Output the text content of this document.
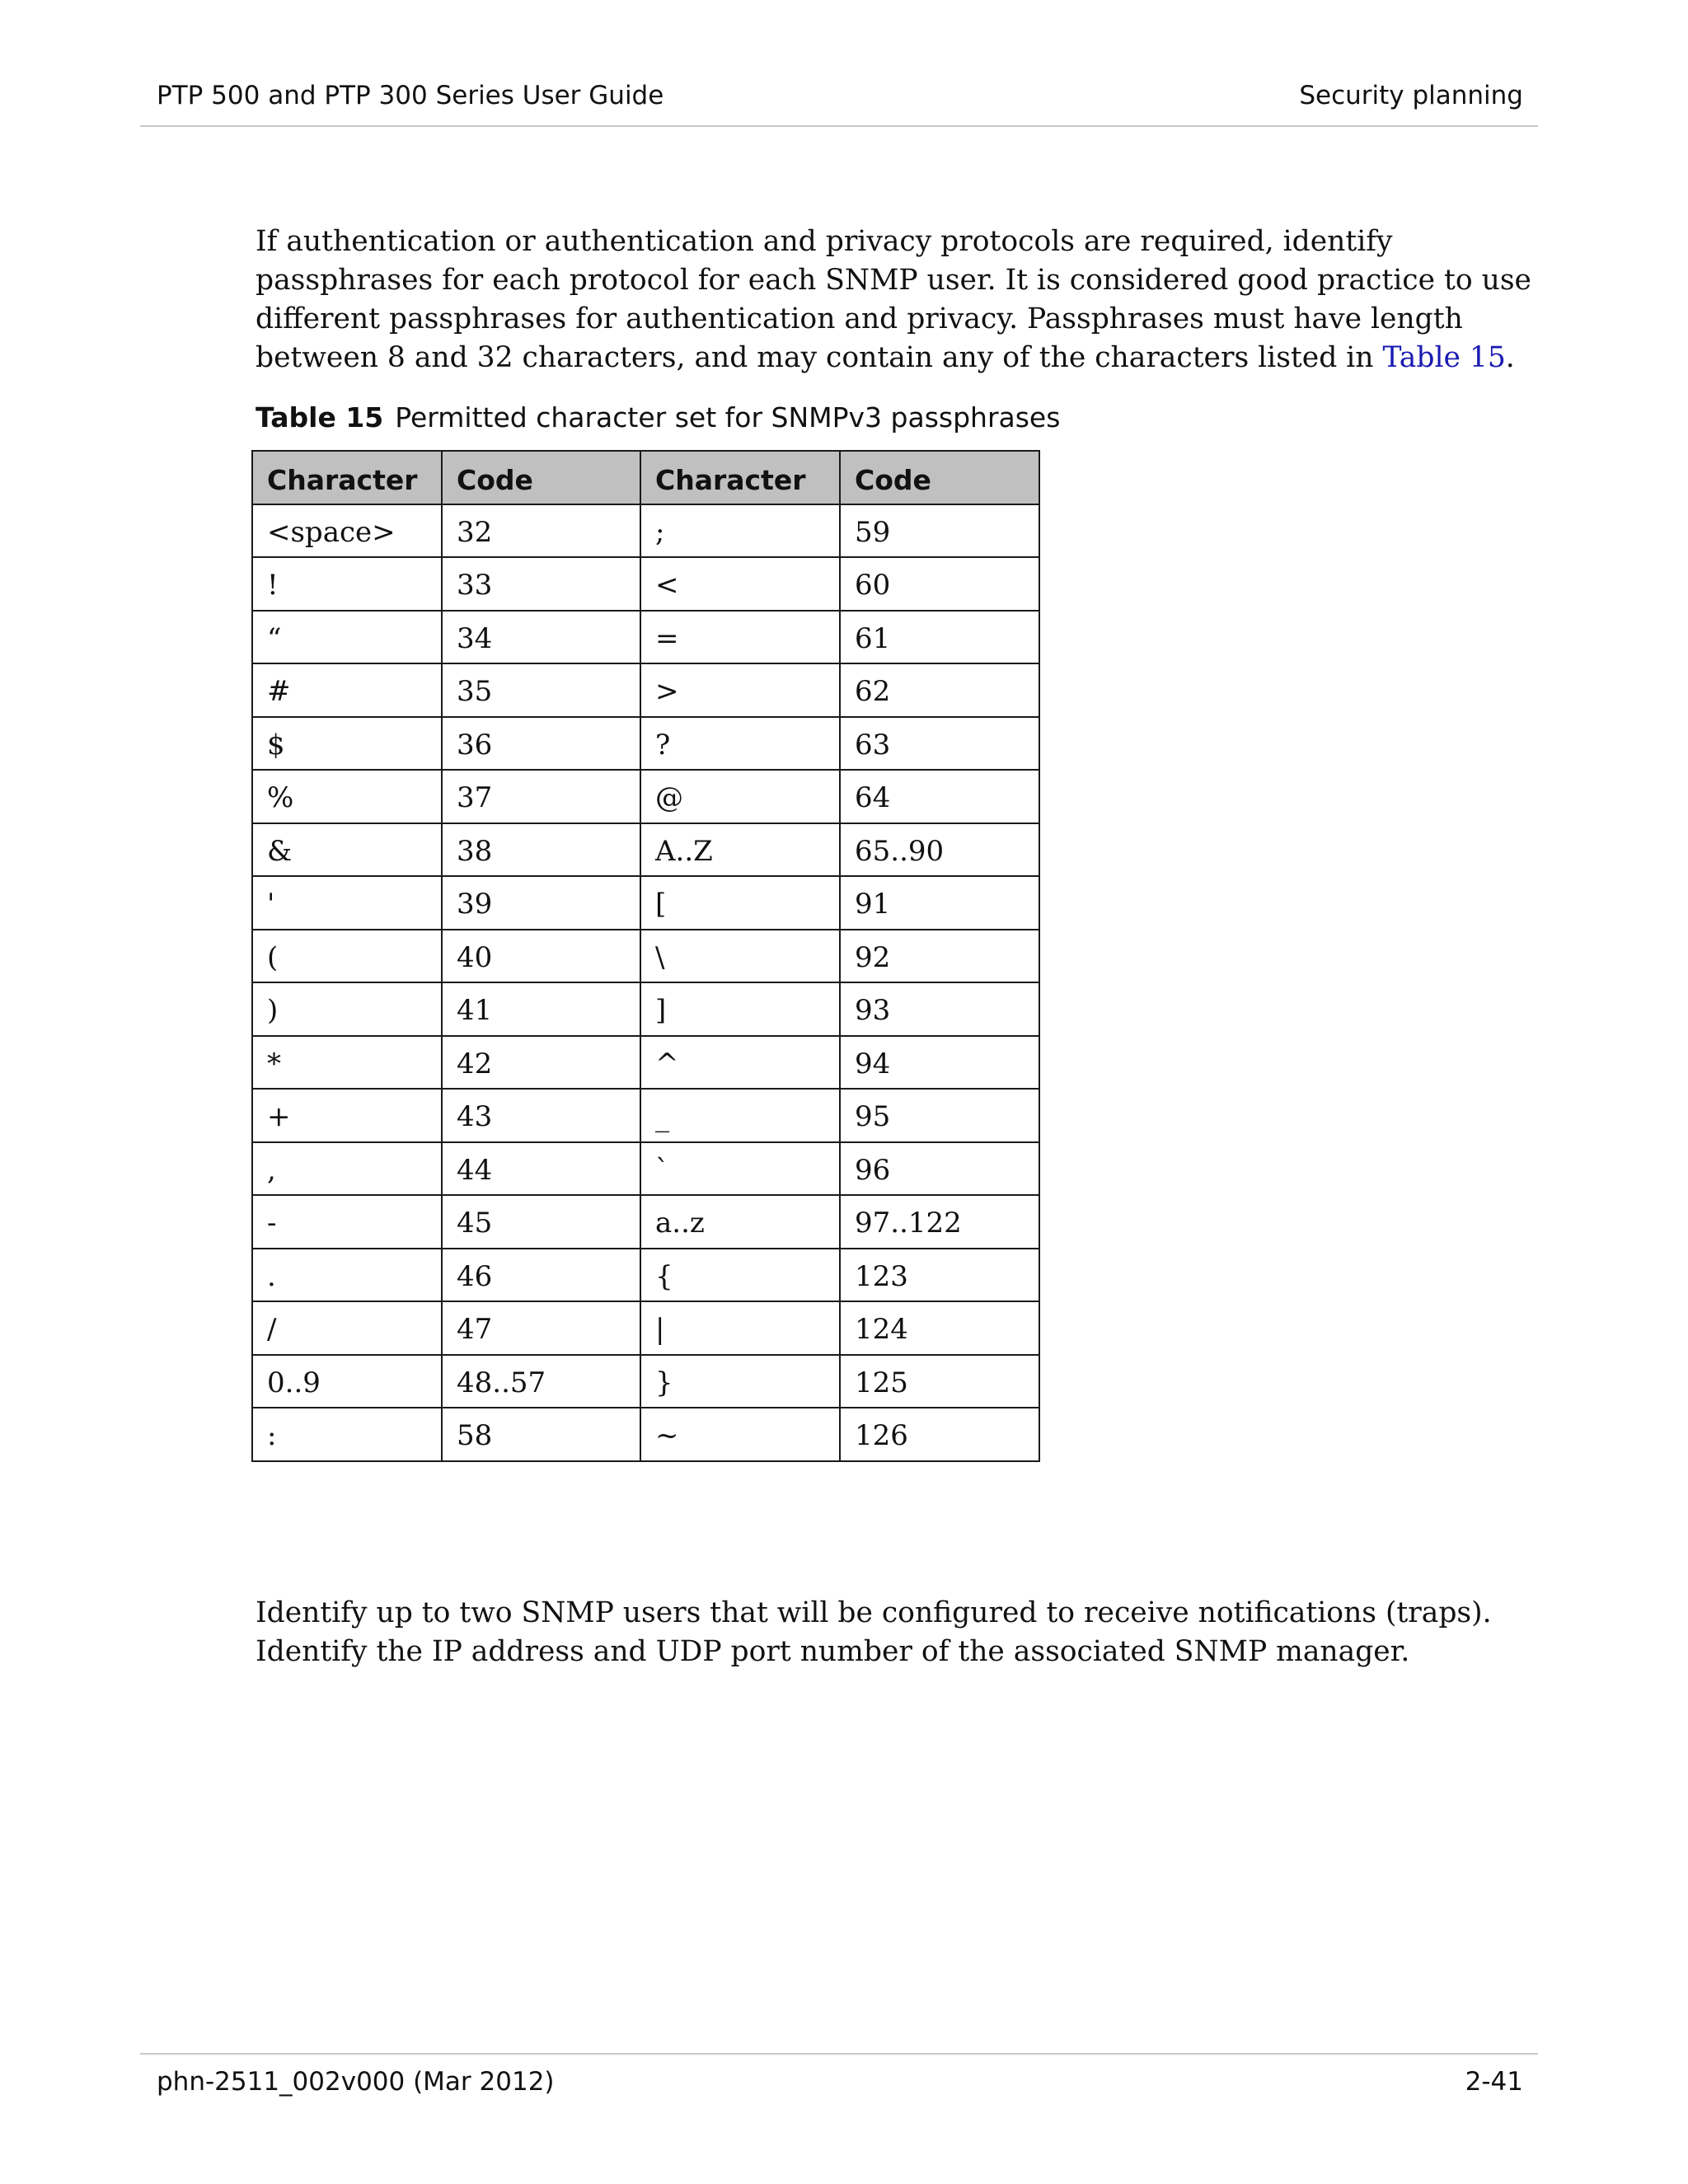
PTP 500 and PTP 300 Series User Guide	Security planning
If authentication or authentication and privacy protocols are required, identify passphrases for each protocol for each SNMP user. It is considered good practice to use different passphrases for authentication and privacy. Passphrases must have length between 8 and 32 characters, and may contain any of the characters listed in Table 15.
Table 15 Permitted character set for SNMPv3 passphrases
Character	Code	Character	Code
<space>	32	;	59
!	33	<	60
“	34	=	61
#	35	>	62
$	36	?	63
%	37	@	64
&	38	A..Z	65..90
'	39	[	91
(	40	\	92
)	41	]	93
*	42	^	94
+	43	_	95
,	44	`	96
-	45	a..z	97..122
.	46	{	123
/	47	|	124
0..9	48..57	}	125
:	58	~	126
Identify up to two SNMP users that will be configured to receive notifications (traps).
Identify the IP address and UDP port number of the associated SNMP manager.
phn-2511_002v000 (Mar 2012)	2-41
